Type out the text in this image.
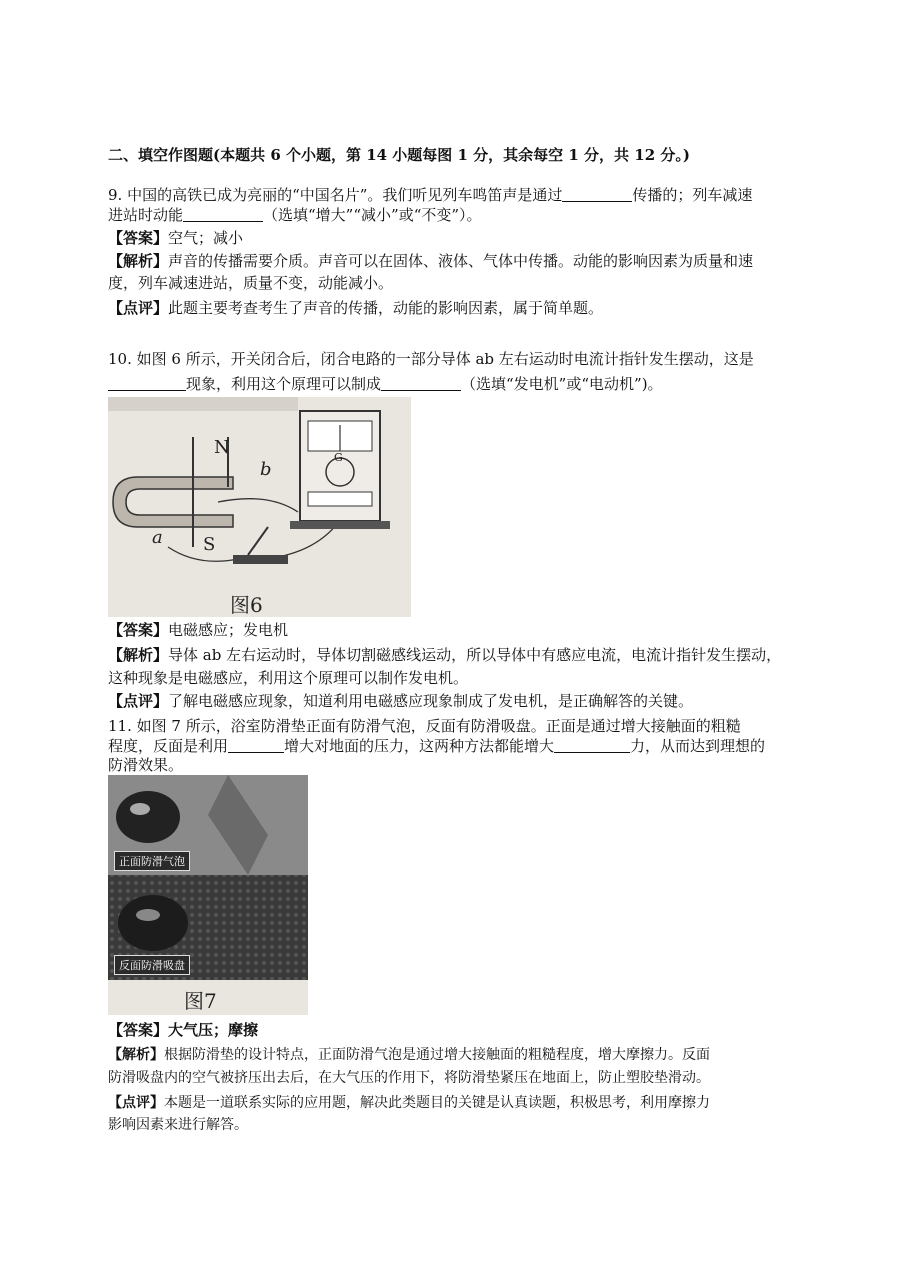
二、填空作图题(本题共 6 个小题，第 14 小题每图 1 分，其余每空 1 分，共 12 分。)
9. 中国的高铁已成为亮丽的“中国名片”。我们听见列车鸣笛声是通过	传播的；列车减速
进站时动能	（选填“增大”“减小”或“不变”）。
【答案】空气；减小
【解析】声音的传播需要介质。声音可以在固体、液体、气体中传播。动能的影响因素为质量和速
度，列车减速进站，质量不变，动能减小。
【点评】此题主要考查考生了声音的传播，动能的影响因素，属于简单题。
10. 如图 6 所示，开关闭合后，闭合电路的一部分导体 ab 左右运动时电流计指针发生摆动，这是
现象，利用这个原理可以制成	（选填“发电机”或“电动机”)。
G
N
S
a
b
图6
【答案】电磁感应；发电机
【解析】导体 ab 左右运动时，导体切割磁感线运动，所以导体中有感应电流，电流计指针发生摆动，
这种现象是电磁感应，利用这个原理可以制作发电机。
【点评】了解电磁感应现象，知道利用电磁感应现象制成了发电机，是正确解答的关键。
11. 如图 7 所示，浴室防滑垫正面有防滑气泡，反面有防滑吸盘。正面是通过增大接触面的粗糙
程度，反面是利用	增大对地面的压力，这两种方法都能增大	力，从而达到理想的
防滑效果。
正面防滑气泡
反面防滑吸盘
图7
【答案】大气压；摩擦
【解析】根据防滑垫的设计特点，正面防滑气泡是通过增大接触面的粗糙程度，增大摩擦力。反面
防滑吸盘内的空气被挤压出去后，在大气压的作用下，将防滑垫紧压在地面上，防止塑胶垫滑动。
【点评】本题是一道联系实际的应用题，解决此类题目的关键是认真读题，积极思考，利用摩擦力
影响因素来进行解答。
